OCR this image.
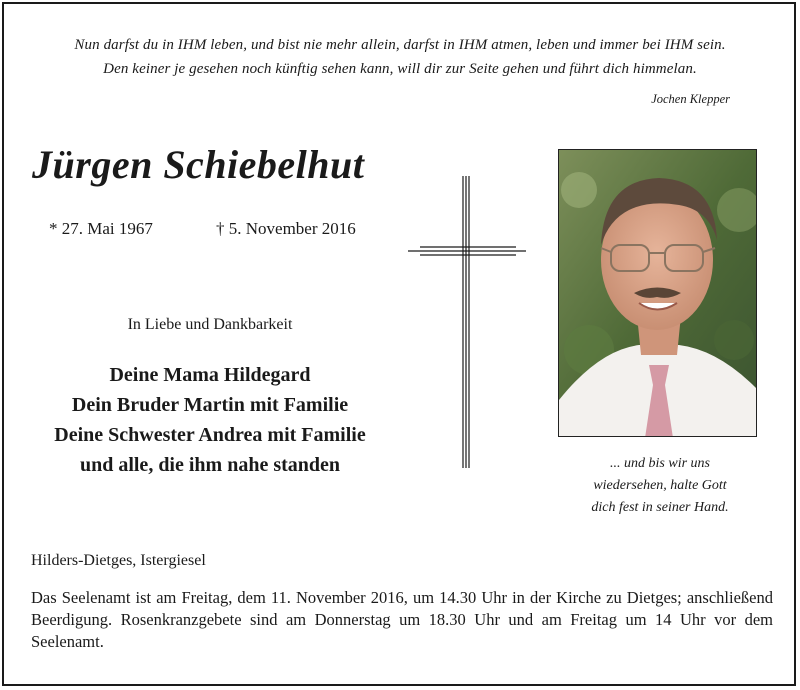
Nun darfst du in IHM leben, und bist nie mehr allein, darfst in IHM atmen, leben und immer bei IHM sein.
Den keiner je gesehen noch künftig sehen kann, will dir zur Seite gehen und führt dich himmelan.
Jochen Klepper
Jürgen Schiebelhut
* 27. Mai 1967	† 5. November 2016
... und bis wir uns
wiedersehen, halte Gott
dich fest in seiner Hand.
In Liebe und Dankbarkeit
Deine Mama Hildegard
Dein Bruder Martin mit Familie
Deine Schwester Andrea mit Familie
und alle, die ihm nahe standen
Hilders-Dietges, Istergiesel
Das Seelenamt ist am Freitag, dem 11. November 2016, um 14.30 Uhr in der Kirche zu Dietges; anschließend Beerdigung. Rosenkranzgebete sind am Donnerstag um 18.30 Uhr und am Freitag um 14 Uhr vor dem Seelenamt.
